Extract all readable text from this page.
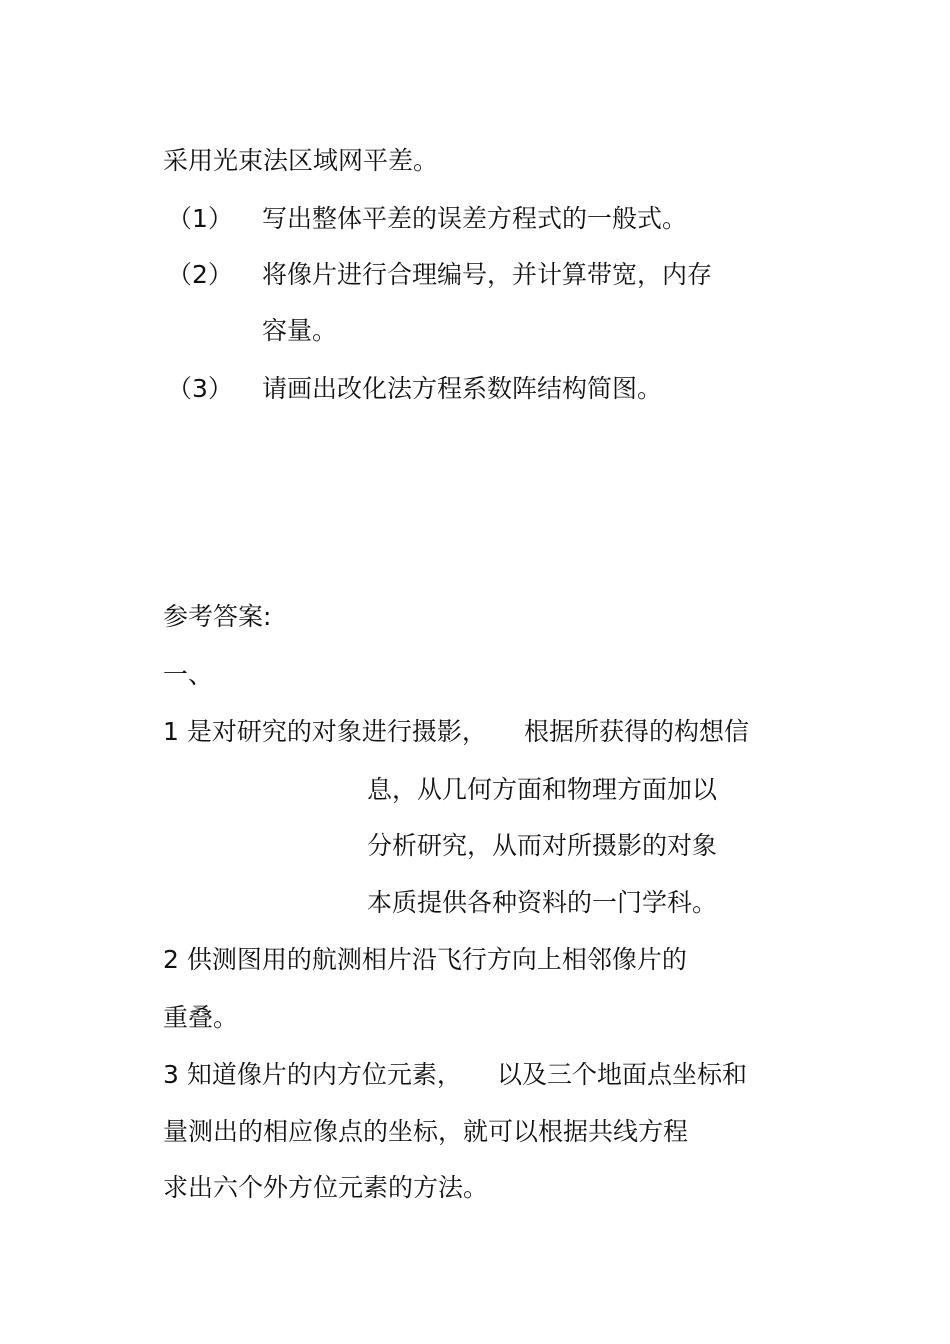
采用光束法区域网平差。
（1） 写出整体平差的误差方程式的一般式。
（2） 将像片进行合理编号，并计算带宽，内存
容量。
（3） 请画出改化法方程系数阵结构简图。
参考答案:
一、
1 是对研究的对象进行摄影， 根据所获得的构想信
息，从几何方面和物理方面加以
分析研究，从而对所摄影的对象
本质提供各种资料的一门学科。
2 供测图用的航测相片沿飞行方向上相邻像片的
重叠。
3 知道像片的内方位元素， 以及三个地面点坐标和
量测出的相应像点的坐标，就可以根据共线方程
求出六个外方位元素的方法。
